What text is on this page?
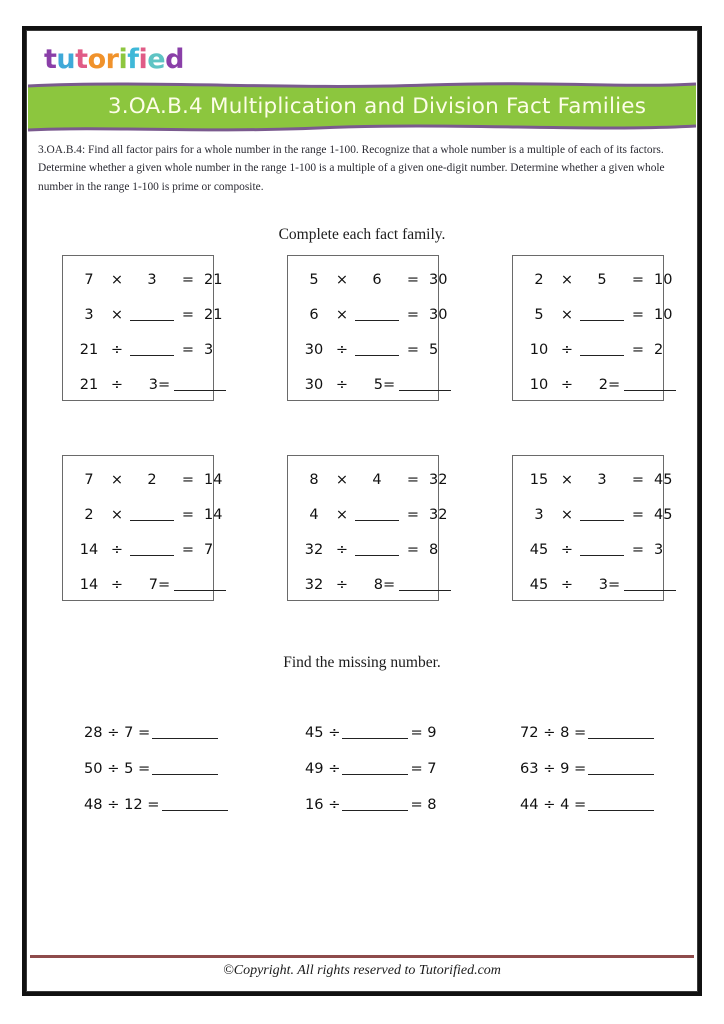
tutorified
3.OA.B.4 Multiplication and Division Fact Families
3.OA.B.4: Find all factor pairs for a whole number in the range 1-100. Recognize that a whole number is a multiple of each of its factors. Determine whether a given whole number in the range 1-100 is a multiple of a given one-digit number. Determine whether a given whole number in the range 1-100 is prime or composite.
Complete each fact family.
7	×	3	= 21
3	×	= 21
21 ÷	= 3
21 ÷	3 =
5	×	6	= 30
6	×	= 30
30 ÷	= 5
30 ÷	5 =
2	×	5	= 10
5	×	= 10
10 ÷	= 2
10 ÷	2 =
7	×	2	= 14
2	×	= 14
14 ÷	= 7
14 ÷	7 =
8	×	4	= 32
4	×	= 32
32 ÷	= 8
32 ÷	8 =
15 ×	3	= 45
3	×	= 45
45 ÷	= 3
45 ÷	3 =
Find the missing number.
28 ÷ 7 =	45 ÷	= 9	72 ÷ 8 =
50 ÷ 5 =	49 ÷	= 7	63 ÷ 9 =
48 ÷ 12 =	16 ÷	= 8	44 ÷ 4 =
©Copyright. All rights reserved to Tutorified.com
